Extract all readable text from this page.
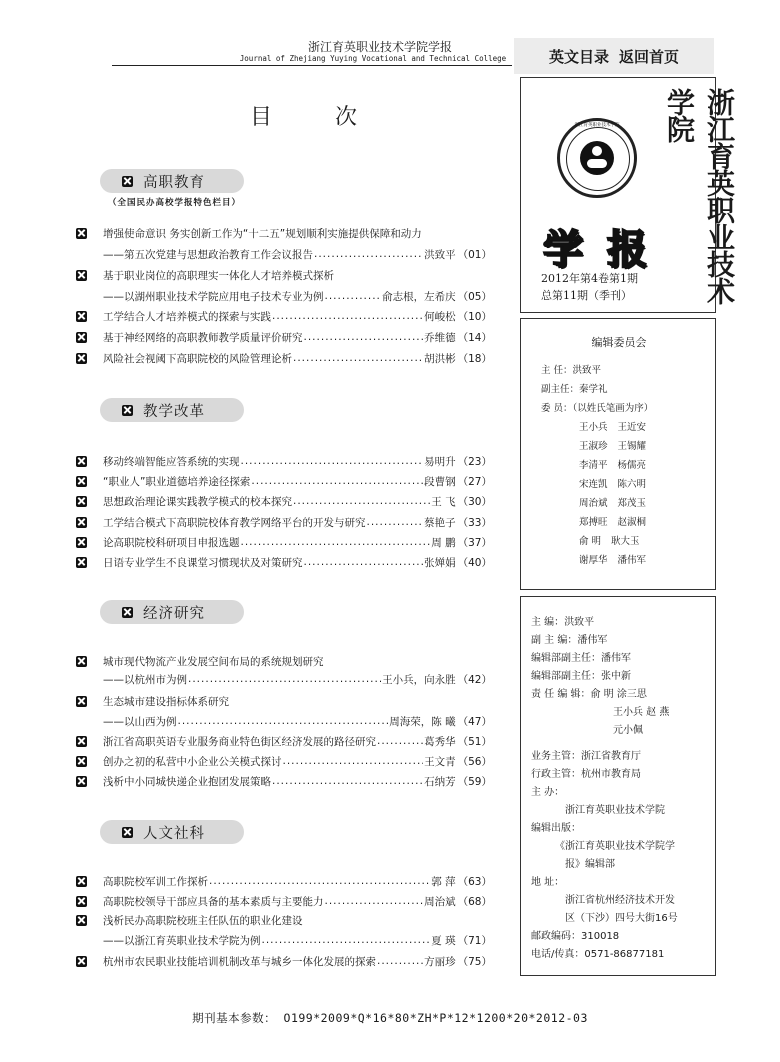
浙江育英职业技术学院学报
Journal of Zhejiang Yuying Vocational and Technical College	英文目录 返回首页
目 次
高职教育
（全国民办高校学报特色栏目）
增强使命意识 务实创新工作为“十二五”规划顺利实施提供保障和动力
——第五次党建与思想政治教育工作会议报告 .....	洪致平 （01）
基于职业岗位的高职理实一体化人才培养模式探析
——以湖州职业技术学院应用电子技术专业为例 .....	俞志根，左希庆 （05）
工学结合人才培养模式的探索与实践 .....	何峻松 （10）
基于神经网络的高职教师教学质量评价研究 .....	乔维德 （14）
风险社会视阈下高职院校的风险管理论析 .....	胡洪彬 （18）
教学改革
移动终端智能应答系统的实现 .....	易明升 （23）
“职业人”职业道德培养途径探索 .....	段曹钢 （27）
思想政治理论课实践教学模式的校本探究 .....	王 飞 （30）
工学结合模式下高职院校体育教学网络平台的开发与研究 .....	蔡艳子 （33）
论高职院校科研项目申报选题 .....	周 鹏 （37）
日语专业学生不良课堂习惯现状及对策研究 .....	张婵娟 （40）
经济研究
城市现代物流产业发展空间布局的系统规划研究
——以杭州市为例 .....	王小兵，向永胜 （42）
生态城市建设指标体系研究
——以山西为例 .....	周海荣，陈 曦 （47）
浙江省高职英语专业服务商业特色街区经济发展的路径研究 .....	葛秀华 （51）
创办之初的私营中小企业公关模式探讨 .....	王文青 （56）
浅析中小同城快递企业抱团发展策略 .....	石纳芳 （59）
人文社科
高职院校军训工作探析 .....	郭 萍 （63）
高职院校领导干部应具备的基本素质与主要能力 .....	周治斌 （68）
浅析民办高职院校班主任队伍的职业化建设
——以浙江育英职业技术学院为例 .....	夏 瑛 （71）
杭州市农民职业技能培训机制改革与城乡一体化发展的探索 .....	方丽珍 （75）
浙江育英职业技术学院	浙江育英职业技术学院
学 报
2012年第4卷第1期
总第11期（季刊）
编辑委员会
主 任：洪致平
副主任：秦学礼
委 员：（以姓氏笔画为序）
王小兵 王近安
王淑珍 王锡耀
李清平 杨儒亮
宋连凯 陈六明
周治斌 郑茂玉
郑搏旺 赵淑桐
俞 明 耿大玉
谢厚华 潘伟军
主 编：洪致平
副 主 编：潘伟军
编辑部副主任：潘伟军
编辑部副主任：张中新
责 任 编 辑：俞 明 涂三思
王小兵 赵 燕
元小佩
业务主管：浙江省教育厅
行政主管：杭州市教育局
主 办：
浙江育英职业技术学院
编辑出版：
《浙江育英职业技术学院学
报》编辑部
地 址：
浙江省杭州经济技术开发
区（下沙）四号大街16号
邮政编码：310018
电话/传真：0571-86877181
期刊基本参数： O199*2009*Q*16*80*ZH*P*12*1200*20*2012-03
